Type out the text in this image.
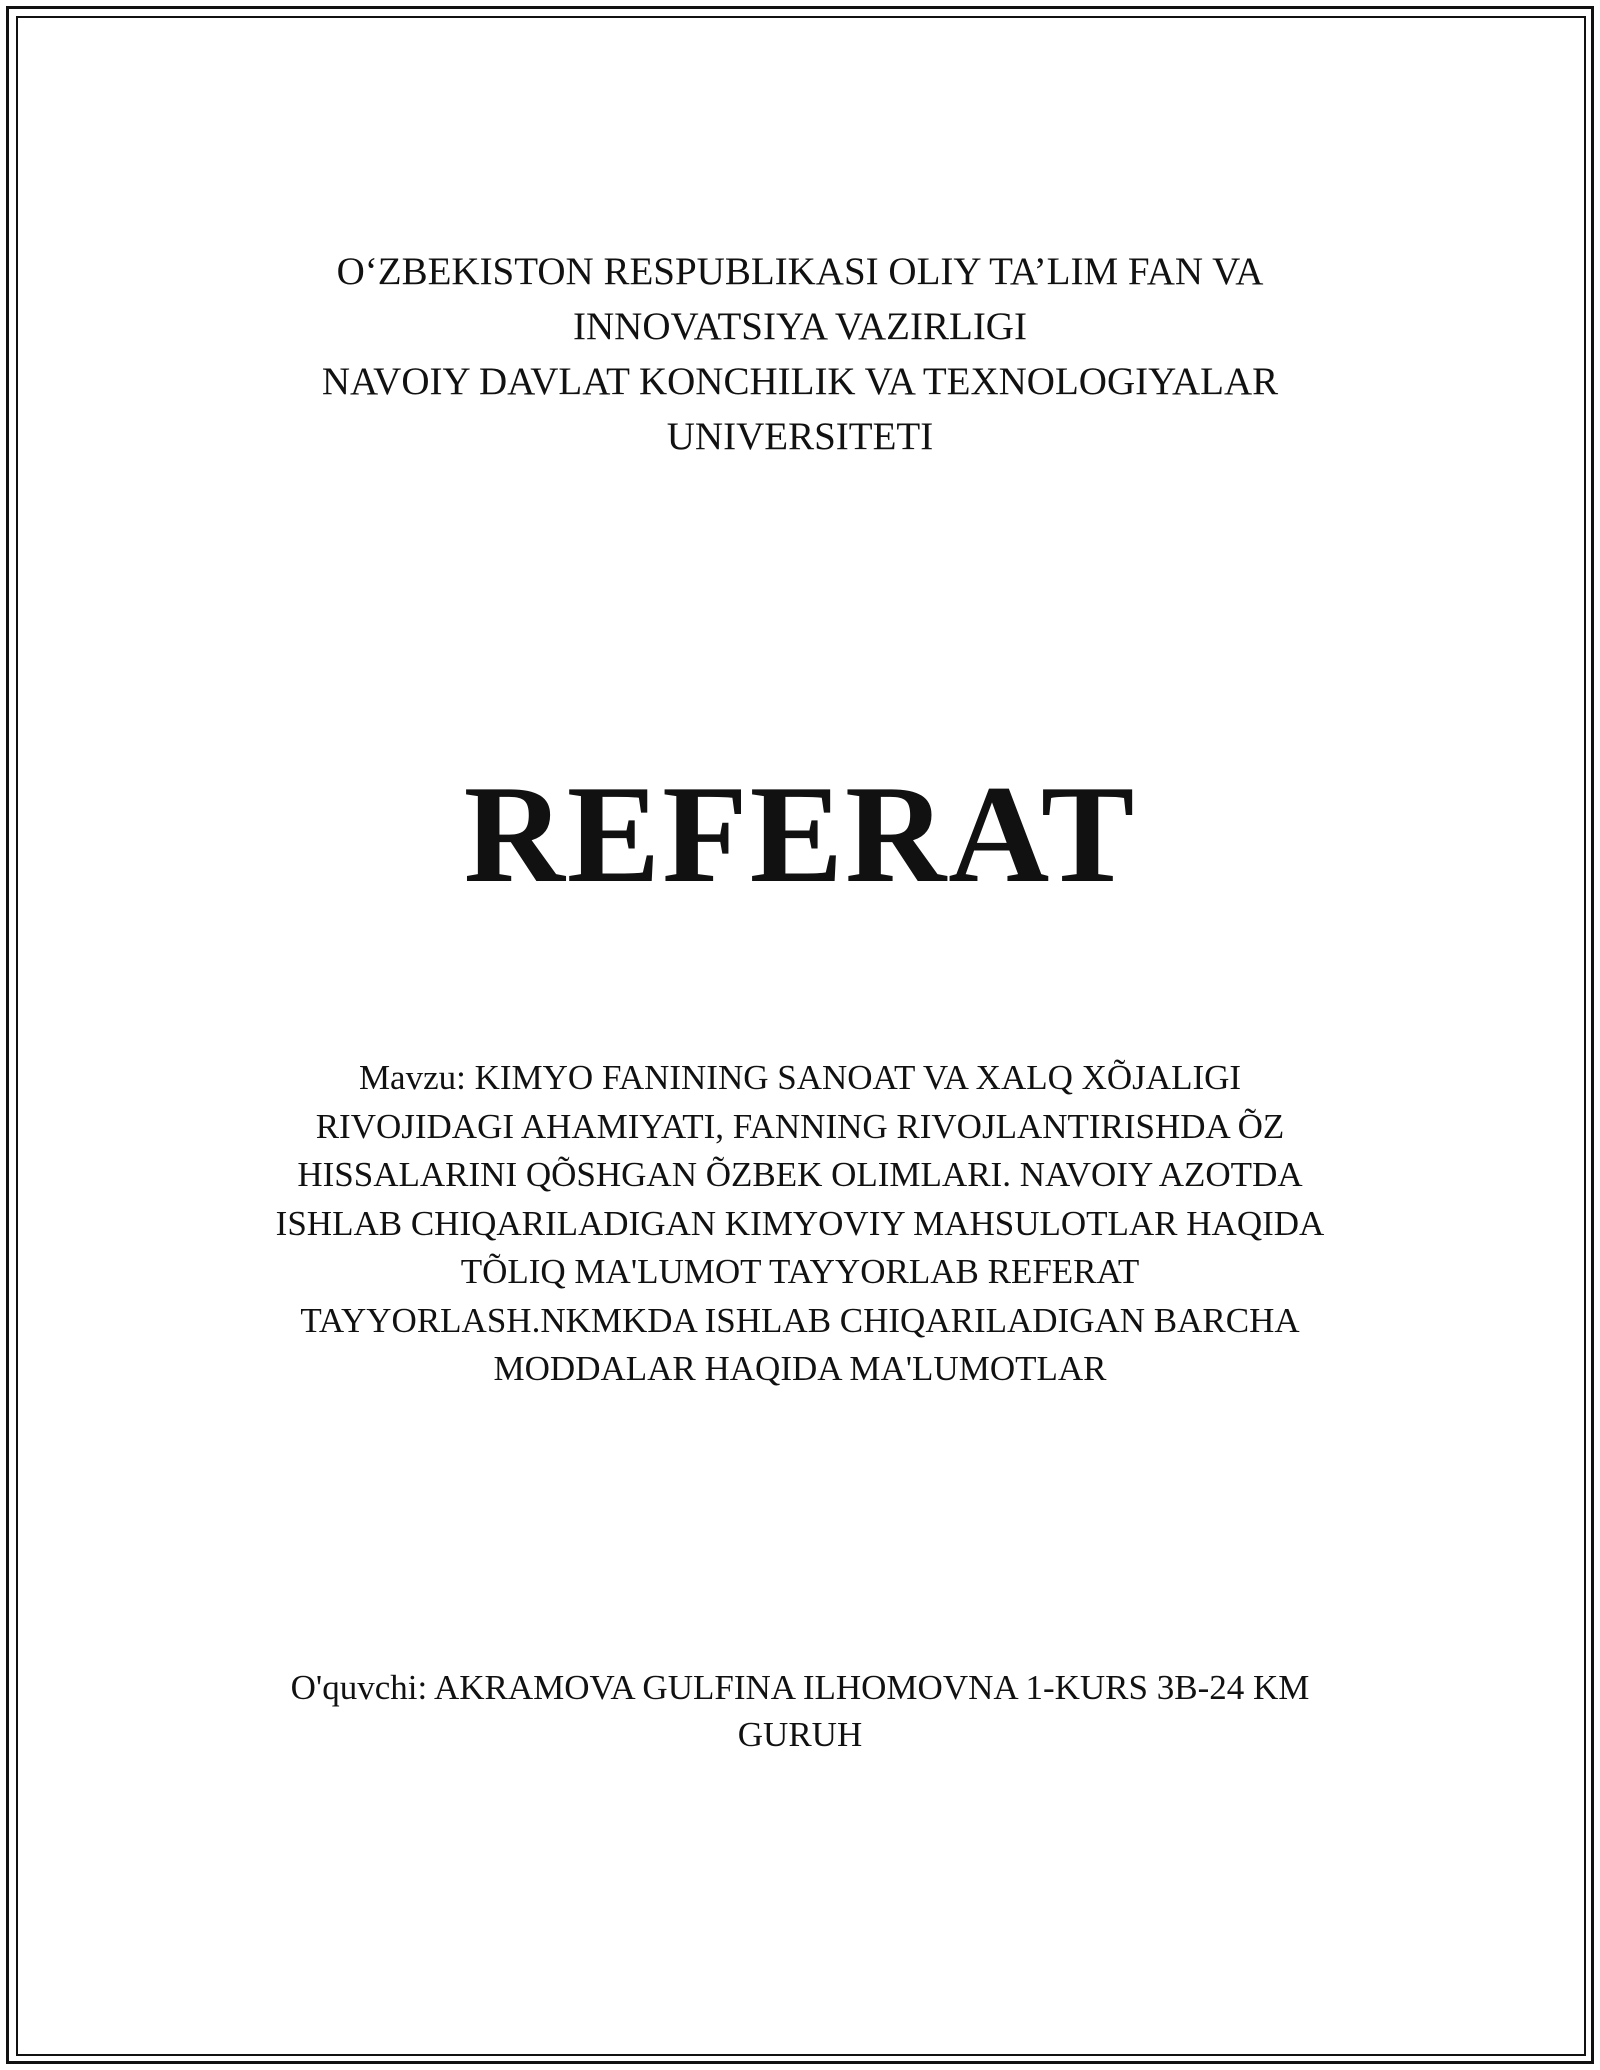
O‘ZBEKISTON RESPUBLIKASI OLIY TA’LIM FAN VA
INNOVATSIYA VAZIRLIGI
NAVOIY DAVLAT KONCHILIK VA TEXNOLOGIYALAR
UNIVERSITETI
REFERAT
Mavzu: KIMYO FANINING SANOAT VA XALQ XÕJALIGI
RIVOJIDAGI AHAMIYATI, FANNING RIVOJLANTIRISHDA ÕZ
HISSALARINI QÕSHGAN ÕZBEK OLIMLARI. NAVOIY AZOTDA
ISHLAB CHIQARILADIGAN KIMYOVIY MAHSULOTLAR HAQIDA
TÕLIQ MA'LUMOT TAYYORLAB REFERAT
TAYYORLASH.NKMKDA ISHLAB CHIQARILADIGAN BARCHA
MODDALAR HAQIDA MA'LUMOTLAR
O'quvchi: AKRAMOVA GULFINA ILHOMOVNA 1-KURS 3B-24 KM
GURUH
